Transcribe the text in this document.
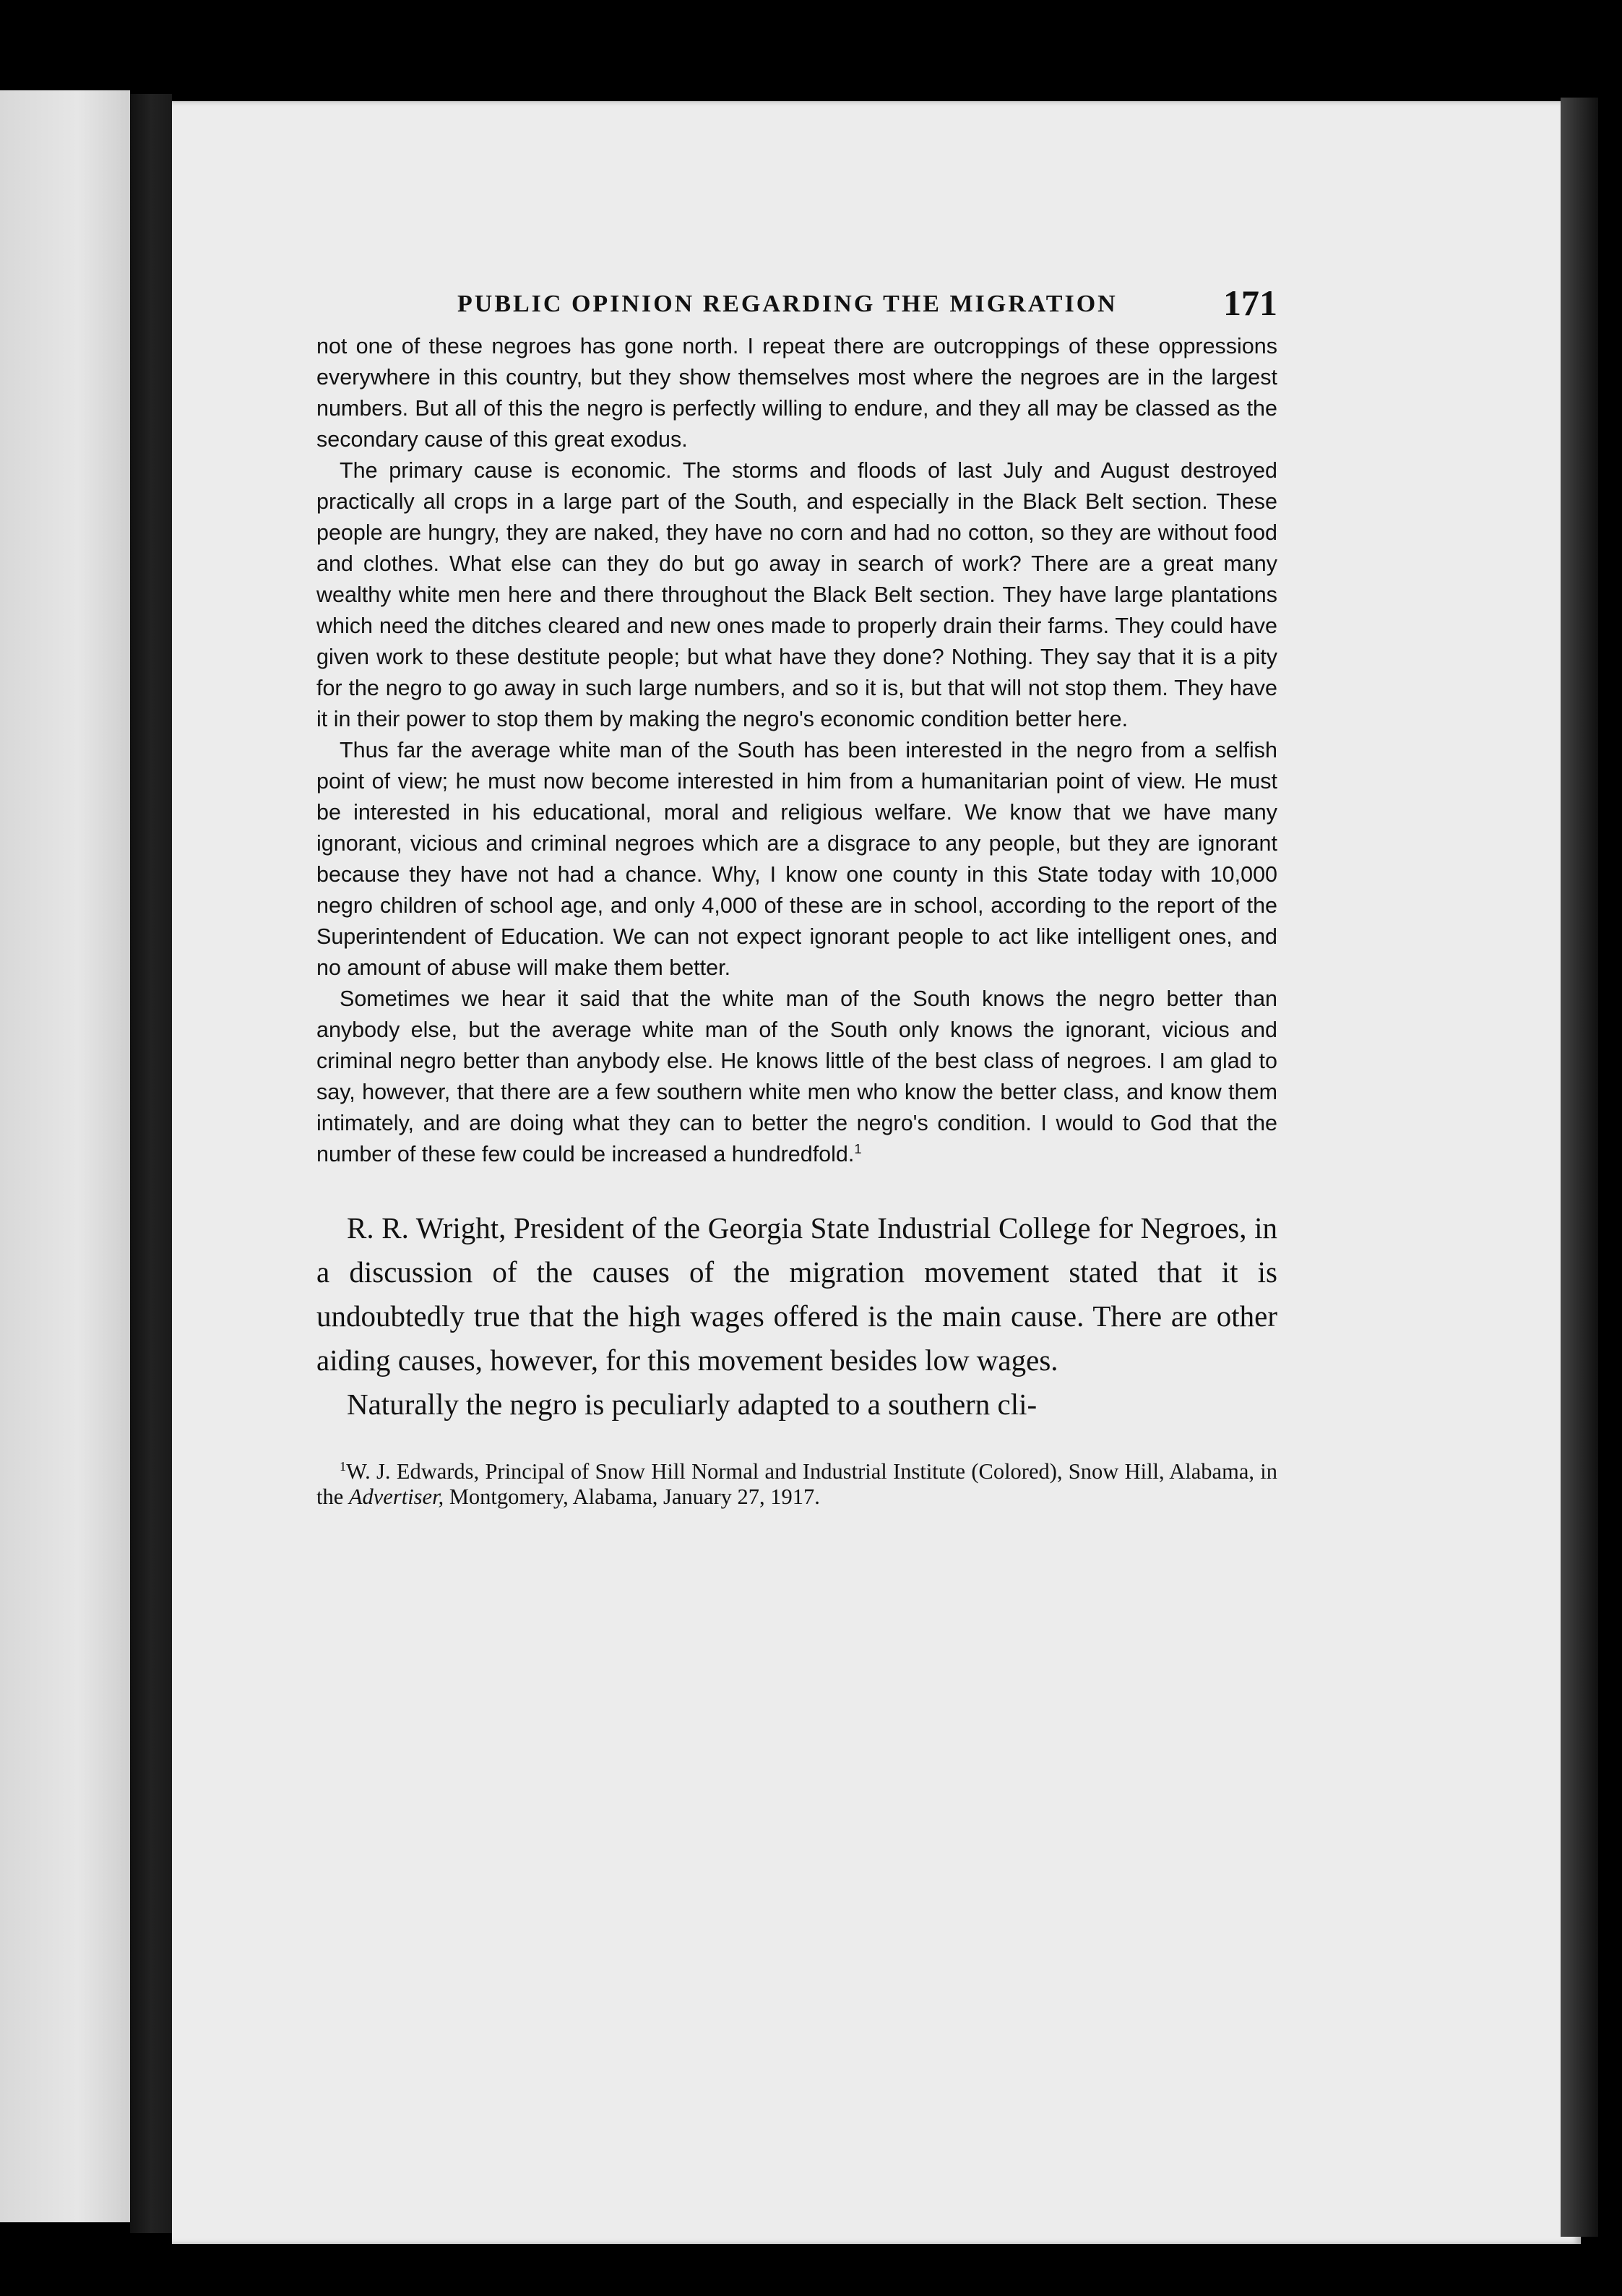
PUBLIC OPINION REGARDING THE MIGRATION	171

not one of these negroes has gone north. I repeat there are outcroppings of these oppressions everywhere in this country, but they show themselves most where the negroes are in the largest numbers. But all of this the negro is perfectly willing to endure, and they all may be classed as the secondary cause of this great exodus.

The primary cause is economic. The storms and floods of last July and August destroyed practically all crops in a large part of the South, and especially in the Black Belt section. These people are hungry, they are naked, they have no corn and had no cotton, so they are without food and clothes. What else can they do but go away in search of work? There are a great many wealthy white men here and there throughout the Black Belt section. They have large plantations which need the ditches cleared and new ones made to properly drain their farms. They could have given work to these destitute people; but what have they done? Nothing. They say that it is a pity for the negro to go away in such large numbers, and so it is, but that will not stop them. They have it in their power to stop them by making the negro's economic condition better here.

Thus far the average white man of the South has been interested in the negro from a selfish point of view; he must now become interested in him from a humanitarian point of view. He must be interested in his educational, moral and religious welfare. We know that we have many ignorant, vicious and criminal negroes which are a disgrace to any people, but they are ignorant because they have not had a chance. Why, I know one county in this State today with 10,000 negro children of school age, and only 4,000 of these are in school, according to the report of the Superintendent of Education. We can not expect ignorant people to act like intelligent ones, and no amount of abuse will make them better.

Sometimes we hear it said that the white man of the South knows the negro better than anybody else, but the average white man of the South only knows the ignorant, vicious and criminal negro better than anybody else. He knows little of the best class of negroes. I am glad to say, however, that there are a few southern white men who know the better class, and know them intimately, and are doing what they can to better the negro's condition. I would to God that the number of these few could be increased a hundredfold.$^1$

R. R. Wright, President of the Georgia State Industrial College for Negroes, in a discussion of the causes of the migration movement stated that it is undoubtedly true that the high wages offered is the main cause. There are other aiding causes, however, for this movement besides low wages.

Naturally the negro is peculiarly adapted to a southern cli-

$^1$W. J. Edwards, Principal of Snow Hill Normal and Industrial Institute (Colored), Snow Hill, Alabama, in the Advertiser, Montgomery, Alabama, January 27, 1917.
